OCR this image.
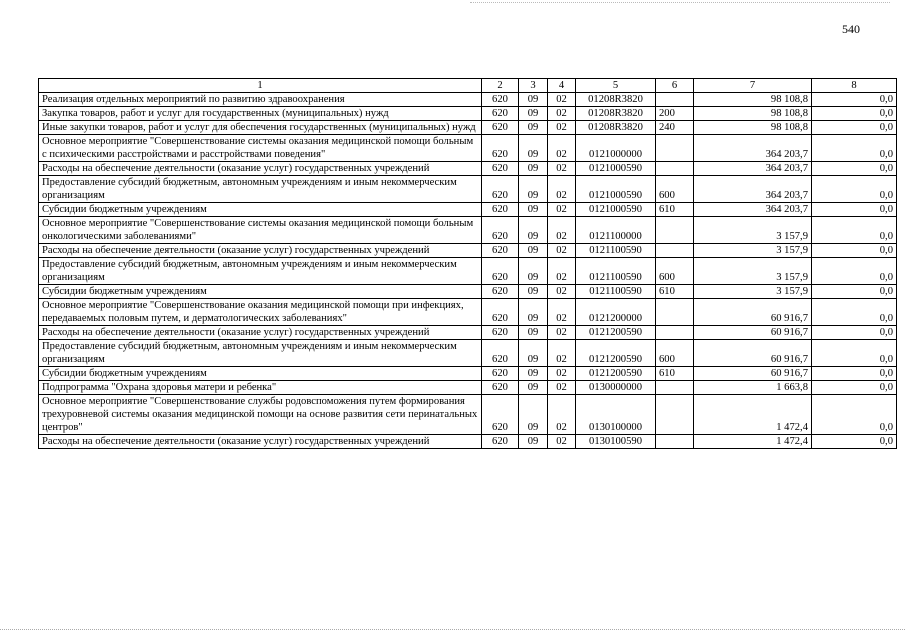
540
1	2	3	4	5	6	7	8
Реализация отдельных мероприятий по развитию здравоохранения	620	09	02	01208R3820		98 108,8	0,0
Закупка товаров, работ и услуг для государственных (муниципальных) нужд	620	09	02	01208R3820	200	98 108,8	0,0
Иные закупки товаров, работ и услуг для обеспечения государственных (муниципальных) нужд	620	09	02	01208R3820	240	98 108,8	0,0
Основное мероприятие "Совершенствование системы оказания медицинской помощи больным с психическими расстройствами и расстройствами поведения"	620	09	02	0121000000		364 203,7	0,0
Расходы на обеспечение деятельности (оказание услуг) государственных учреждений	620	09	02	0121000590		364 203,7	0,0
Предоставление субсидий бюджетным, автономным учреждениям и иным некоммерческим организациям	620	09	02	0121000590	600	364 203,7	0,0
Субсидии бюджетным учреждениям	620	09	02	0121000590	610	364 203,7	0,0
Основное мероприятие "Совершенствование системы оказания медицинской помощи больным онкологическими заболеваниями"	620	09	02	0121100000		3 157,9	0,0
Расходы на обеспечение деятельности (оказание услуг) государственных учреждений	620	09	02	0121100590		3 157,9	0,0
Предоставление субсидий бюджетным, автономным учреждениям и иным некоммерческим организациям	620	09	02	0121100590	600	3 157,9	0,0
Субсидии бюджетным учреждениям	620	09	02	0121100590	610	3 157,9	0,0
Основное мероприятие "Совершенствование оказания медицинской помощи при инфекциях, передаваемых половым путем, и дерматологических заболеваниях"	620	09	02	0121200000		60 916,7	0,0
Расходы на обеспечение деятельности (оказание услуг) государственных учреждений	620	09	02	0121200590		60 916,7	0,0
Предоставление субсидий бюджетным, автономным учреждениям и иным некоммерческим организациям	620	09	02	0121200590	600	60 916,7	0,0
Субсидии бюджетным учреждениям	620	09	02	0121200590	610	60 916,7	0,0
Подпрограмма "Охрана здоровья матери и ребенка"	620	09	02	0130000000		1 663,8	0,0
Основное мероприятие "Совершенствование службы родовспоможения путем формирования трехуровневой системы оказания медицинской помощи на основе развития сети перинатальных центров"	620	09	02	0130100000		1 472,4	0,0
Расходы на обеспечение деятельности (оказание услуг) государственных учреждений	620	09	02	0130100590		1 472,4	0,0
